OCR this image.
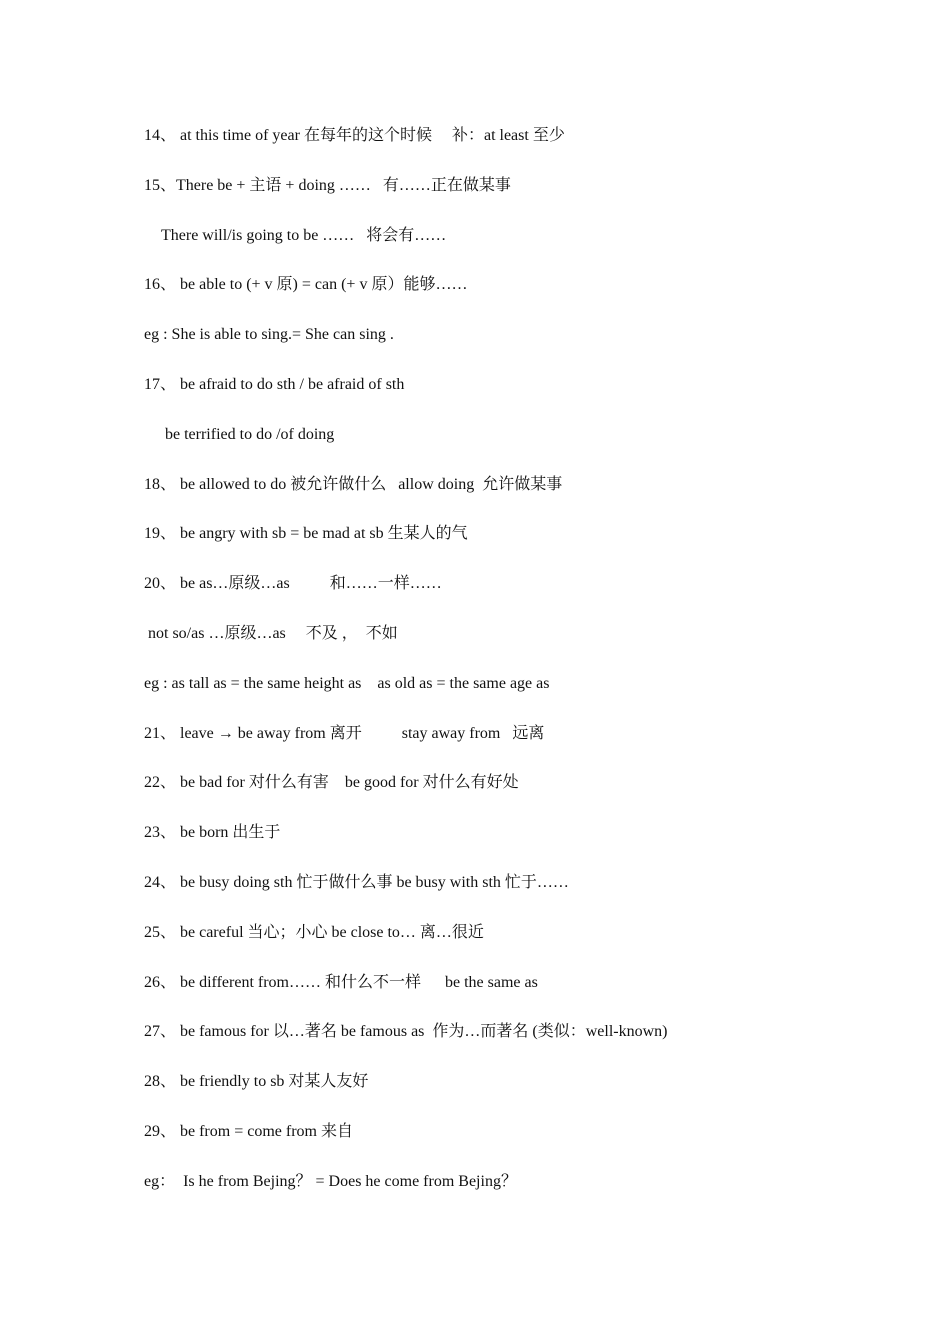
14、 at this time of year 在每年的这个时候     补：at least 至少
15、There be + 主语 + doing ……   有……正在做某事
There will/is going to be ……   将会有……
16、 be able to (+ v 原) = can (+ v 原）能够……
eg : She is able to sing.= She can sing .
17、 be afraid to do sth / be afraid of sth
be terrified to do /of doing
18、 be allowed to do 被允许做什么   allow doing  允许做某事
19、 be angry with sb = be mad at sb 生某人的气
20、 be as…原级…as          和……一样……
not so/as …原级…as     不及 ，  不如
eg : as tall as = the same height as    as old as = the same age as
21、 leave → be away from 离开          stay away from   远离
22、 be bad for 对什么有害    be good for 对什么有好处
23、 be born 出生于
24、 be busy doing sth 忙于做什么事 be busy with sth 忙于……
25、 be careful 当心；小心 be close to… 离…很近
26、 be different from…… 和什么不一样      be the same as
27、 be famous for 以…著名 be famous as  作为…而著名 (类似：well-known)
28、 be friendly to sb 对某人友好
29、 be from = come from 来自
eg：  Is he from Bejing？ = Does he come from Bejing？
